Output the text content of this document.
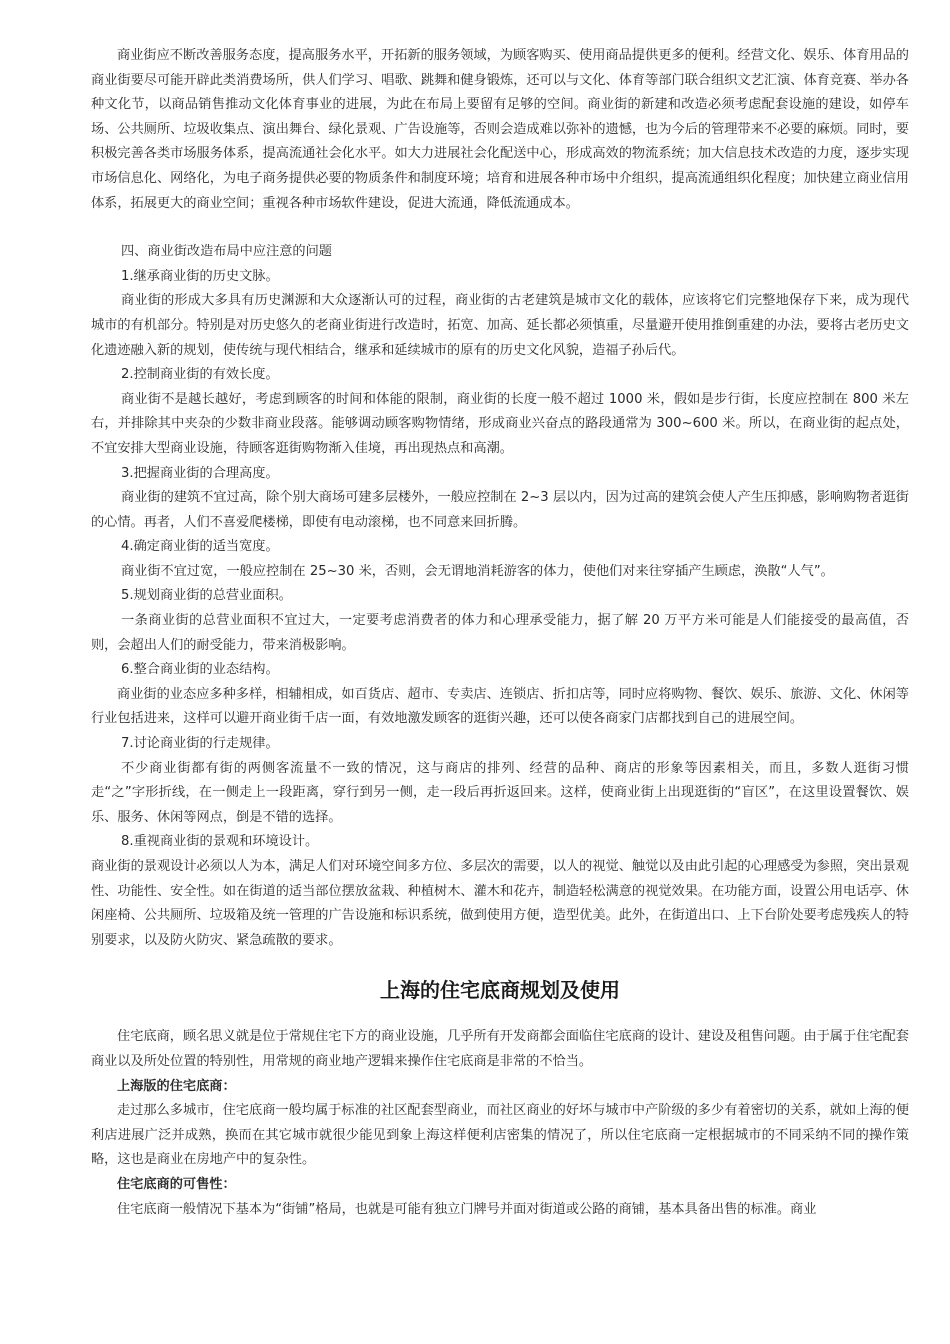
商业街应不断改善服务态度，提高服务水平，开拓新的服务领域，为顾客购买、使用商品提供更多的便利。经营文化、娱乐、体育用品的商业街要尽可能开辟此类消费场所，供人们学习、唱歌、跳舞和健身锻炼，还可以与文化、体育等部门联合组织文艺汇演、体育竞赛、举办各种文化节，以商品销售推动文化体育事业的进展，为此在布局上要留有足够的空间。商业街的新建和改造必须考虑配套设施的建设，如停车场、公共厕所、垃圾收集点、演出舞台、绿化景观、广告设施等，否则会造成难以弥补的遗憾，也为今后的管理带来不必要的麻烦。同时，要积极完善各类市场服务体系，提高流通社会化水平。如大力进展社会化配送中心，形成高效的物流系统；加大信息技术改造的力度，逐步实现市场信息化、网络化，为电子商务提供必要的物质条件和制度环境；培育和进展各种市场中介组织，提高流通组织化程度；加快建立商业信用体系，拓展更大的商业空间；重视各种市场软件建设，促进大流通，降低流通成本。

四、商业街改造布局中应注意的问题

1.继承商业街的历史文脉。

商业街的形成大多具有历史渊源和大众逐渐认可的过程，商业街的古老建筑是城市文化的载体，应该将它们完整地保存下来，成为现代城市的有机部分。特别是对历史悠久的老商业街进行改造时，拓宽、加高、延长都必须慎重，尽量避开使用推倒重建的办法，要将古老历史文化遗迹融入新的规划，使传统与现代相结合，继承和延续城市的原有的历史文化风貌，造福子孙后代。

2.控制商业街的有效长度。

商业街不是越长越好，考虑到顾客的时间和体能的限制，商业街的长度一般不超过 1000 米，假如是步行街，长度应控制在 800 米左右，并排除其中夹杂的少数非商业段落。能够调动顾客购物情绪，形成商业兴奋点的路段通常为 300~600 米。所以，在商业街的起点处，不宜安排大型商业设施，待顾客逛街购物渐入佳境，再出现热点和高潮。

3.把握商业街的合理高度。

商业街的建筑不宜过高，除个别大商场可建多层楼外，一般应控制在 2~3 层以内，因为过高的建筑会使人产生压抑感，影响购物者逛街的心情。再者，人们不喜爱爬楼梯，即使有电动滚梯，也不同意来回折腾。

4.确定商业街的适当宽度。

商业街不宜过宽，一般应控制在 25~30 米，否则，会无谓地消耗游客的体力，使他们对来往穿插产生顾虑，涣散“人气”。

5.规划商业街的总营业面积。

一条商业街的总营业面积不宜过大，一定要考虑消费者的体力和心理承受能力，据了解 20 万平方米可能是人们能接受的最高值，否则，会超出人们的耐受能力，带来消极影响。

6.整合商业街的业态结构。

商业街的业态应多种多样，相辅相成，如百货店、超市、专卖店、连锁店、折扣店等，同时应将购物、餐饮、娱乐、旅游、文化、休闲等行业包括进来，这样可以避开商业街千店一面，有效地激发顾客的逛街兴趣，还可以使各商家门店都找到自己的进展空间。

7.讨论商业街的行走规律。

不少商业街都有街的两侧客流量不一致的情况，这与商店的排列、经营的品种、商店的形象等因素相关，而且，多数人逛街习惯走“之”字形折线，在一侧走上一段距离，穿行到另一侧，走一段后再折返回来。这样，使商业街上出现逛街的“盲区”，在这里设置餐饮、娱乐、服务、休闲等网点，倒是不错的选择。

8.重视商业街的景观和环境设计。

商业街的景观设计必须以人为本，满足人们对环境空间多方位、多层次的需要，以人的视觉、触觉以及由此引起的心理感受为参照，突出景观性、功能性、安全性。如在街道的适当部位摆放盆栽、种植树木、灌木和花卉，制造轻松满意的视觉效果。在功能方面，设置公用电话亭、休闲座椅、公共厕所、垃圾箱及统一管理的广告设施和标识系统，做到使用方便，造型优美。此外，在街道出口、上下台阶处要考虑残疾人的特别要求，以及防火防灾、紧急疏散的要求。

上海的住宅底商规划及使用

住宅底商，顾名思义就是位于常规住宅下方的商业设施，几乎所有开发商都会面临住宅底商的设计、建设及租售问题。由于属于住宅配套商业以及所处位置的特别性，用常规的商业地产逻辑来操作住宅底商是非常的不恰当。

上海版的住宅底商：

走过那么多城市，住宅底商一般均属于标准的社区配套型商业，而社区商业的好坏与城市中产阶级的多少有着密切的关系，就如上海的便利店进展广泛并成熟，换而在其它城市就很少能见到象上海这样便利店密集的情况了，所以住宅底商一定根据城市的不同采纳不同的操作策略，这也是商业在房地产中的复杂性。

住宅底商的可售性：

住宅底商一般情况下基本为“街铺”格局，也就是可能有独立门牌号并面对街道或公路的商铺，基本具备出售的标准。商业
